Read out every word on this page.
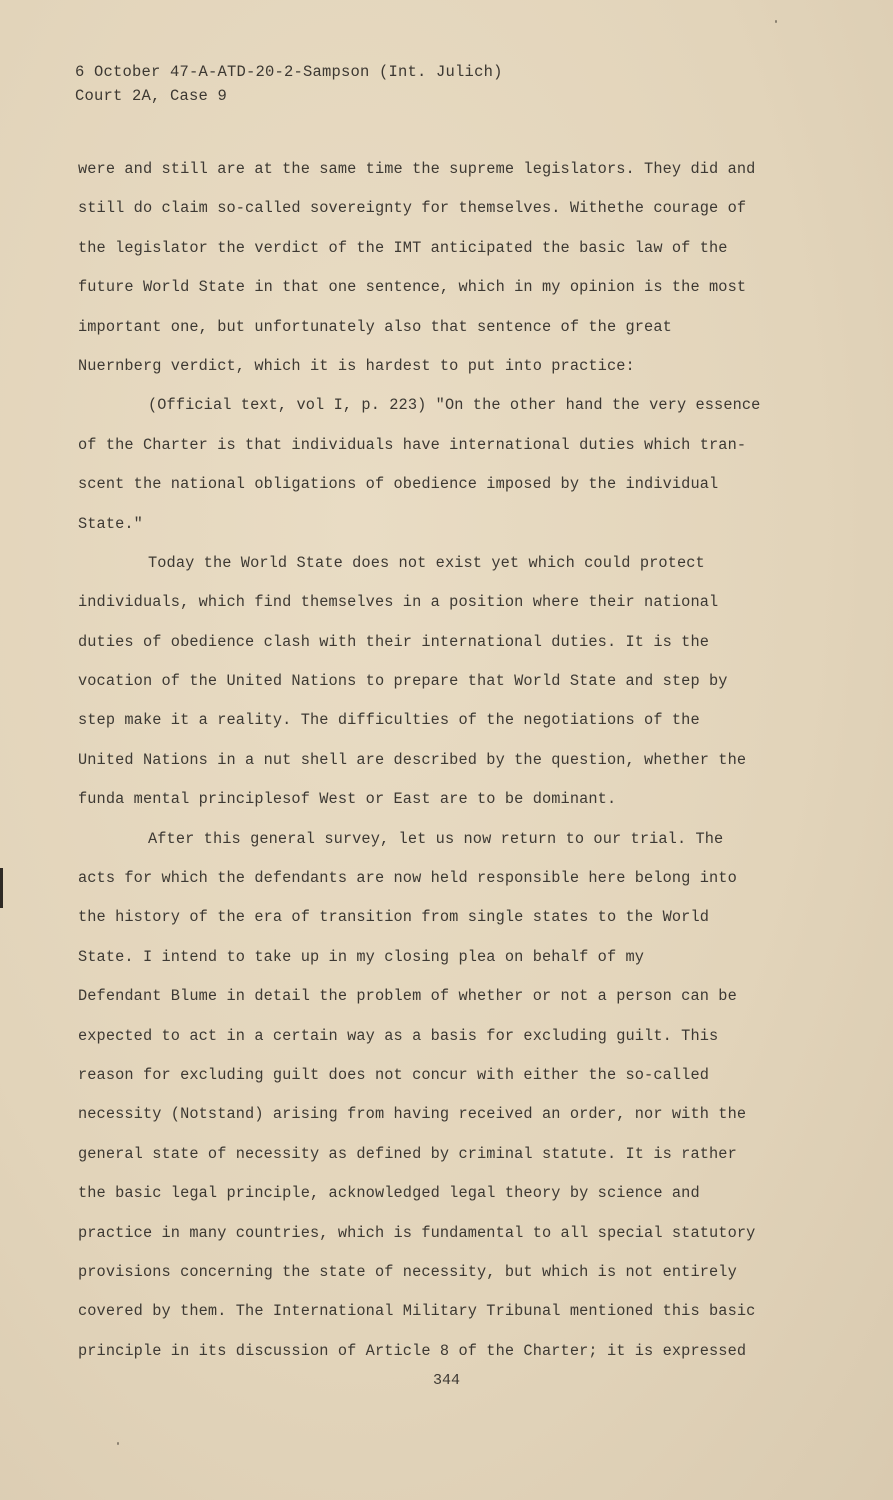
6 October 47-A-ATD-20-2-Sampson (Int. Julich)
Court 2A, Case 9
were and still are at the same time the supreme legislators. They did and
still do claim so-called sovereignty for themselves. Withethe courage of
the legislator the verdict of the IMT anticipated the basic law of the
future World State in that one sentence, which in my opinion is the most
important one, but unfortunately also that sentence of the great
Nuernberg verdict, which it is hardest to put into practice:
(Official text, vol I, p. 223) "On the other hand the very essence
of the Charter is that individuals have international duties which tran-
scent the national obligations of obedience imposed by the individual
State."
Today the World State does not exist yet which could protect
individuals, which find themselves in a position where their national
duties of obedience clash with their international duties. It is the
vocation of the United Nations to prepare that World State and step by
step make it a reality. The difficulties of the negotiations of the
United Nations in a nut shell are described by the question, whether the
funda mental principlesof West or East are to be dominant.
After this general survey, let us now return to our trial. The
acts for which the defendants are now held responsible here belong into
the history of the era of transition from single states to the World
State. I intend to take up in my closing plea on behalf of my
Defendant Blume in detail the problem of whether or not a person can be
expected to act in a certain way as a basis for excluding guilt. This
reason for excluding guilt does not concur with either the so-called
necessity (Notstand) arising from having received an order, nor with the
general state of necessity as defined by criminal statute. It is rather
the basic legal principle, acknowledged legal theory by science and
practice in many countries, which is fundamental to all special statutory
provisions concerning the state of necessity, but which is not entirely
covered by them. The International Military Tribunal mentioned this basic
principle in its discussion of Article 8 of the Charter; it is expressed
344
